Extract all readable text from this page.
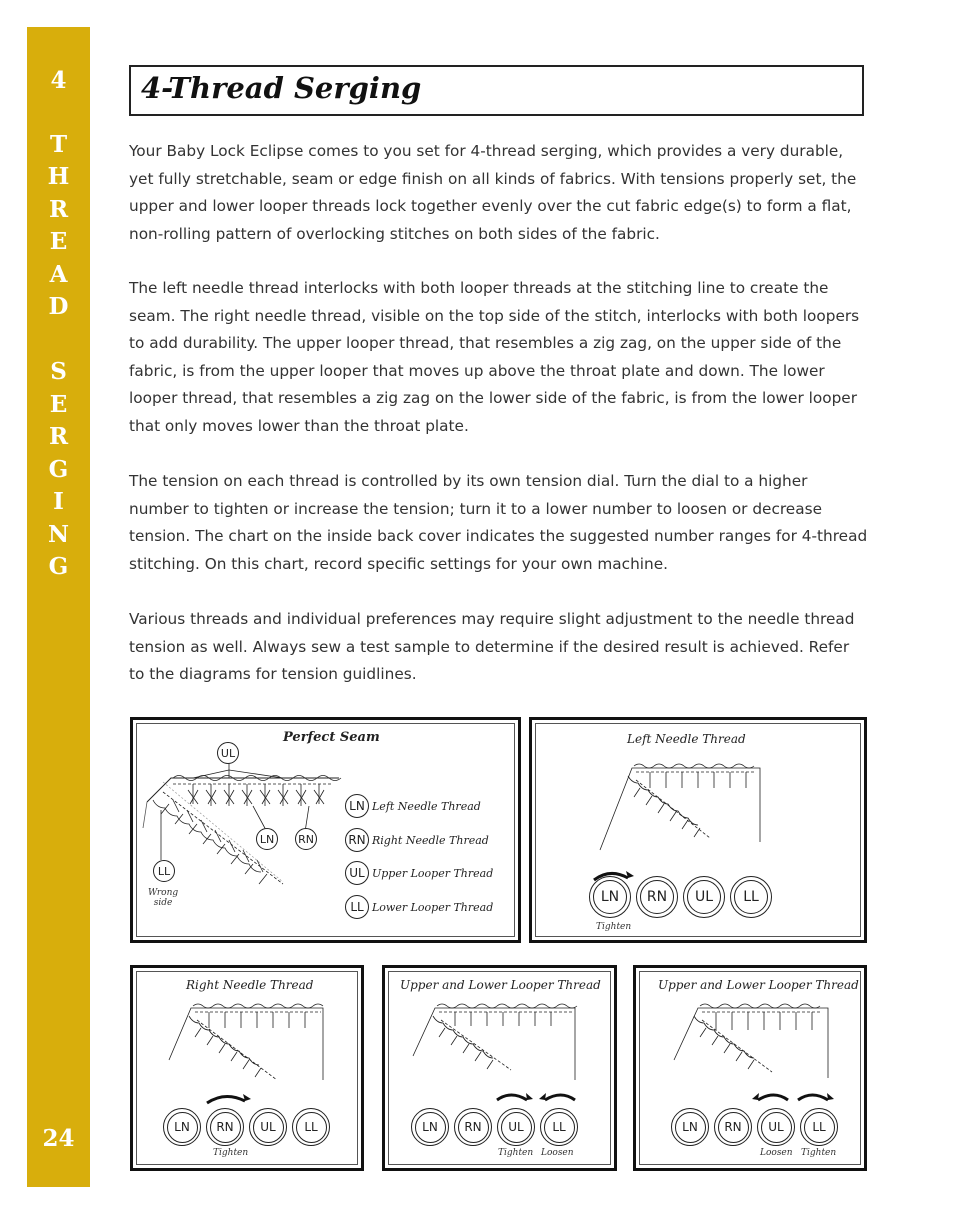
4
T
H
R
E
A
D
S
E
R
G
I
N
G
24
4-Thread Serging

Your Baby Lock Eclipse comes to you set for 4-thread serging, which provides a very durable, yet fully stretchable, seam or edge finish on all kinds of fabrics. With tensions properly set, the upper and lower looper threads lock together evenly over the cut fabric edge(s) to form a flat, non-rolling pattern of overlocking stitches on both sides of the fabric.

The left needle thread interlocks with both looper threads at the stitching line to create the seam. The right needle thread, visible on the top side of the stitch, interlocks with both loopers to add durability. The upper looper thread, that resembles a zig zag, on the upper side of the fabric, is from the upper looper that moves up above the throat plate and down. The lower looper thread, that resembles a zig zag on the lower side of the fabric, is from the lower looper that only moves lower than the throat plate.

The tension on each thread is controlled by its own tension dial. Turn the dial to a higher number to tighten or increase the tension; turn it to a lower number to loosen or decrease tension. The chart on the inside back cover indicates the suggested number ranges for 4-thread stitching. On this chart, record specific settings for your own machine.

Various threads and individual preferences may require slight adjustment to the needle thread tension as well. Always sew a test sample to determine if the desired result is achieved. Refer to the diagrams for tension guidlines.

Perfect Seam
UL
LN	RN
LL
Wrong side
LN Left Needle Thread
RN Right Needle Thread
UL Upper Looper Thread
LL Lower Looper Thread
Left Needle Thread
LN	RN	UL	LL
Tighten
Right Needle Thread
LN	RN	UL	LL
Tighten
Upper and Lower Looper Thread
LN	RN	UL	LL
Tighten Loosen
Upper and Lower Looper Thread
LN	RN	UL	LL
Loosen Tighten
